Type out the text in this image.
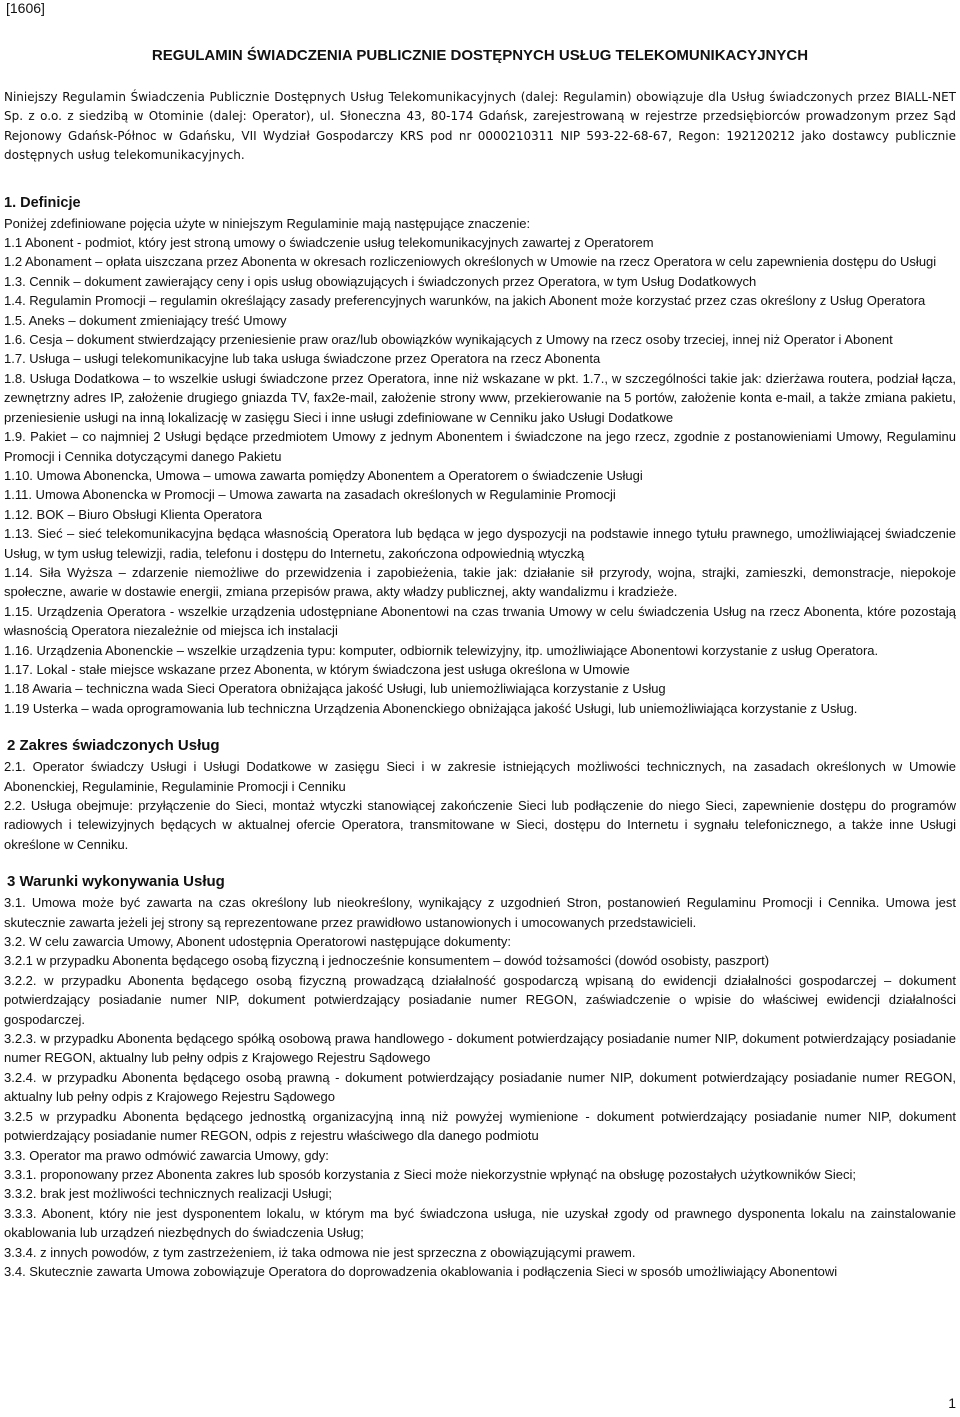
[1606]
REGULAMIN ŚWIADCZENIA PUBLICZNIE DOSTĘPNYCH USŁUG TELEKOMUNIKACYJNYCH

Niniejszy Regulamin Świadczenia Publicznie Dostępnych Usług Telekomunikacyjnych (dalej: Regulamin) obowiązuje dla Usług świadczonych przez BIALL-NET Sp. z o.o. z siedzibą w Otominie (dalej: Operator), ul. Słoneczna 43, 80-174 Gdańsk, zarejestrowaną w rejestrze przedsiębiorców prowadzonym przez Sąd Rejonowy Gdańsk-Północ w Gdańsku, VII Wydział Gospodarczy KRS pod nr 0000210311 NIP 593-22-68-67, Regon: 192120212 jako dostawcy publicznie dostępnych usług telekomunikacyjnych.

1. Definicje

Poniżej zdefiniowane pojęcia użyte w niniejszym Regulaminie mają następujące znaczenie:

1.1 Abonent - podmiot, który jest stroną umowy o świadczenie usług telekomunikacyjnych zawartej z Operatorem

1.2 Abonament – opłata uiszczana przez Abonenta w okresach rozliczeniowych określonych w Umowie na rzecz Operatora w celu zapewnienia dostępu do Usługi

1.3. Cennik – dokument zawierający ceny i opis usług obowiązujących i świadczonych przez Operatora, w tym Usług Dodatkowych

1.4. Regulamin Promocji – regulamin określający zasady preferencyjnych warunków, na jakich Abonent może korzystać przez czas określony z Usług Operatora

1.5. Aneks – dokument zmieniający treść Umowy

1.6. Cesja – dokument stwierdzający przeniesienie praw oraz/lub obowiązków wynikających z Umowy na rzecz osoby trzeciej, innej niż Operator i Abonent

1.7. Usługa – usługi telekomunikacyjne lub taka usługa świadczone przez Operatora na rzecz Abonenta

1.8. Usługa Dodatkowa – to wszelkie usługi świadczone przez Operatora, inne niż wskazane w pkt. 1.7., w szczególności takie jak: dzierżawa routera, podział łącza, zewnętrzny adres IP, założenie drugiego gniazda TV, fax2e-mail, założenie strony www, przekierowanie na 5 portów, założenie konta e-mail, a także zmiana pakietu, przeniesienie usługi na inną lokalizację w zasięgu Sieci i inne usługi zdefiniowane w Cenniku jako Usługi Dodatkowe

1.9. Pakiet – co najmniej 2 Usługi będące przedmiotem Umowy z jednym Abonentem i świadczone na jego rzecz, zgodnie z postanowieniami Umowy, Regulaminu Promocji i Cennika dotyczącymi danego Pakietu

1.10. Umowa Abonencka, Umowa – umowa zawarta pomiędzy Abonentem a Operatorem o świadczenie Usługi

1.11. Umowa Abonencka w Promocji – Umowa zawarta na zasadach określonych w Regulaminie Promocji

1.12. BOK – Biuro Obsługi Klienta Operatora

1.13. Sieć – sieć telekomunikacyjna będąca własnością Operatora lub będąca w jego dyspozycji na podstawie innego tytułu prawnego, umożliwiającej świadczenie Usług, w tym usług telewizji, radia, telefonu i dostępu do Internetu, zakończona odpowiednią wtyczką

1.14. Siła Wyższa – zdarzenie niemożliwe do przewidzenia i zapobieżenia, takie jak: działanie sił przyrody, wojna, strajki, zamieszki, demonstracje, niepokoje społeczne, awarie w dostawie energii, zmiana przepisów prawa, akty władzy publicznej, akty wandalizmu i kradzieże.

1.15. Urządzenia Operatora - wszelkie urządzenia udostępniane Abonentowi na czas trwania Umowy w celu świadczenia Usług na rzecz Abonenta, które pozostają własnością Operatora niezależnie od miejsca ich instalacji

1.16. Urządzenia Abonenckie – wszelkie urządzenia typu: komputer, odbiornik telewizyjny, itp. umożliwiające Abonentowi korzystanie z usług Operatora.

1.17. Lokal - stałe miejsce wskazane przez Abonenta, w którym świadczona jest usługa określona w Umowie

1.18 Awaria – techniczna wada Sieci Operatora obniżająca jakość Usługi, lub uniemożliwiająca korzystanie z Usług

1.19 Usterka – wada oprogramowania lub techniczna Urządzenia Abonenckiego obniżająca jakość Usługi, lub uniemożliwiająca korzystanie z Usług.

2 Zakres świadczonych Usług

2.1. Operator świadczy Usługi i Usługi Dodatkowe w zasięgu Sieci i w zakresie istniejących możliwości technicznych, na zasadach określonych w Umowie Abonenckiej, Regulaminie, Regulaminie Promocji i Cenniku

2.2. Usługa obejmuje: przyłączenie do Sieci, montaż wtyczki stanowiącej zakończenie Sieci lub podłączenie do niego Sieci, zapewnienie dostępu do programów radiowych i telewizyjnych będących w aktualnej ofercie Operatora, transmitowane w Sieci, dostępu do Internetu i sygnału telefonicznego, a także inne Usługi określone w Cenniku.

3 Warunki wykonywania Usług

3.1. Umowa może być zawarta na czas określony lub nieokreślony, wynikający z uzgodnień Stron, postanowień Regulaminu Promocji i Cennika. Umowa jest skutecznie zawarta jeżeli jej strony są reprezentowane przez prawidłowo ustanowionych i umocowanych przedstawicieli.

3.2. W celu zawarcia Umowy, Abonent udostępnia Operatorowi następujące dokumenty:

3.2.1 w przypadku Abonenta będącego osobą fizyczną i jednocześnie konsumentem – dowód tożsamości (dowód osobisty, paszport)

3.2.2. w przypadku Abonenta będącego osobą fizyczną prowadzącą działalność gospodarczą wpisaną do ewidencji działalności gospodarczej – dokument potwierdzający posiadanie numer NIP, dokument potwierdzający posiadanie numer REGON, zaświadczenie o wpisie do właściwej ewidencji działalności gospodarczej.

3.2.3. w przypadku Abonenta będącego spółką osobową prawa handlowego - dokument potwierdzający posiadanie numer NIP, dokument potwierdzający posiadanie numer REGON, aktualny lub pełny odpis z Krajowego Rejestru Sądowego

3.2.4. w przypadku Abonenta będącego osobą prawną - dokument potwierdzający posiadanie numer NIP, dokument potwierdzający posiadanie numer REGON, aktualny lub pełny odpis z Krajowego Rejestru Sądowego

3.2.5 w przypadku Abonenta będącego jednostką organizacyjną inną niż powyżej wymienione - dokument potwierdzający posiadanie numer NIP, dokument potwierdzający posiadanie numer REGON, odpis z rejestru właściwego dla danego podmiotu

3.3. Operator ma prawo odmówić zawarcia Umowy, gdy:

3.3.1. proponowany przez Abonenta zakres lub sposób korzystania z Sieci może niekorzystnie wpłynąć na obsługę pozostałych użytkowników Sieci;

3.3.2. brak jest możliwości technicznych realizacji Usługi;

3.3.3. Abonent, który nie jest dysponentem lokalu, w którym ma być świadczona usługa, nie uzyskał zgody od prawnego dysponenta lokalu na zainstalowanie okablowania lub urządzeń niezbędnych do świadczenia Usług;

3.3.4. z innych powodów, z tym zastrzeżeniem, iż taka odmowa nie jest sprzeczna z obowiązującymi prawem.

3.4. Skutecznie zawarta Umowa zobowiązuje Operatora do doprowadzenia okablowania i podłączenia Sieci w sposób umożliwiający Abonentowi

1
